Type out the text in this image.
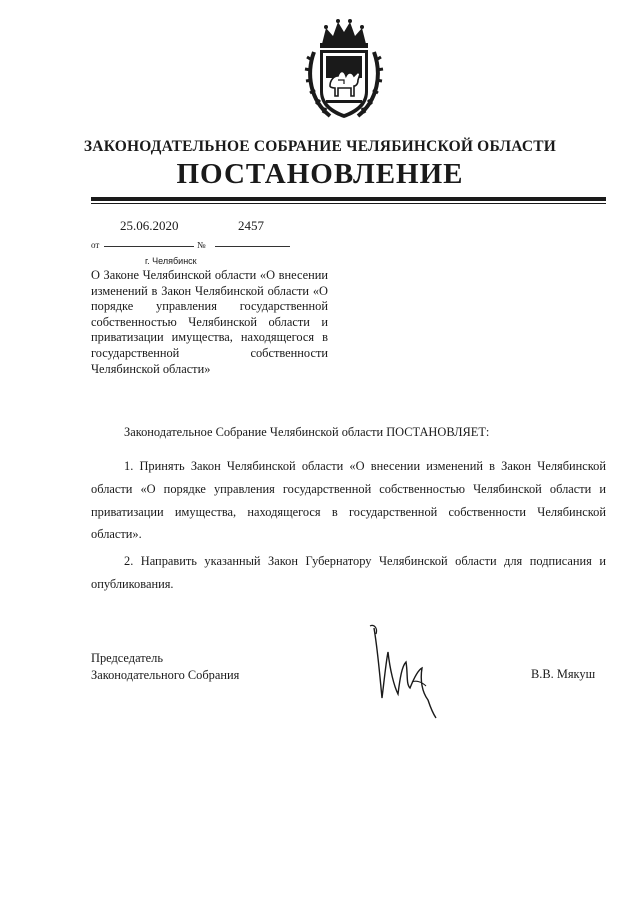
ЗАКОНОДАТЕЛЬНОЕ СОБРАНИЕ ЧЕЛЯБИНСКОЙ ОБЛАСТИ
ПОСТАНОВЛЕНИЕ
25.06.2020	2457
от	№
г. Челябинск
О Законе Челябинской области «О внесении изменений в Закон Челябинской области «О порядке управления государственной собственностью Челябинской области и приватизации имущества, находящегося в государственной собственности Челябинской области»
Законодательное Собрание Челябинской области ПОСТАНОВЛЯЕТ:
1. Принять Закон Челябинской области «О внесении изменений в Закон Челябинской области «О порядке управления государственной собственностью Челябинской области и приватизации имущества, находящегося в государственной собственности Челябинской области».
2. Направить указанный Закон Губернатору Челябинской области для подписания и опубликования.
Председатель
Законодательного Собрания	В.В. Мякуш
